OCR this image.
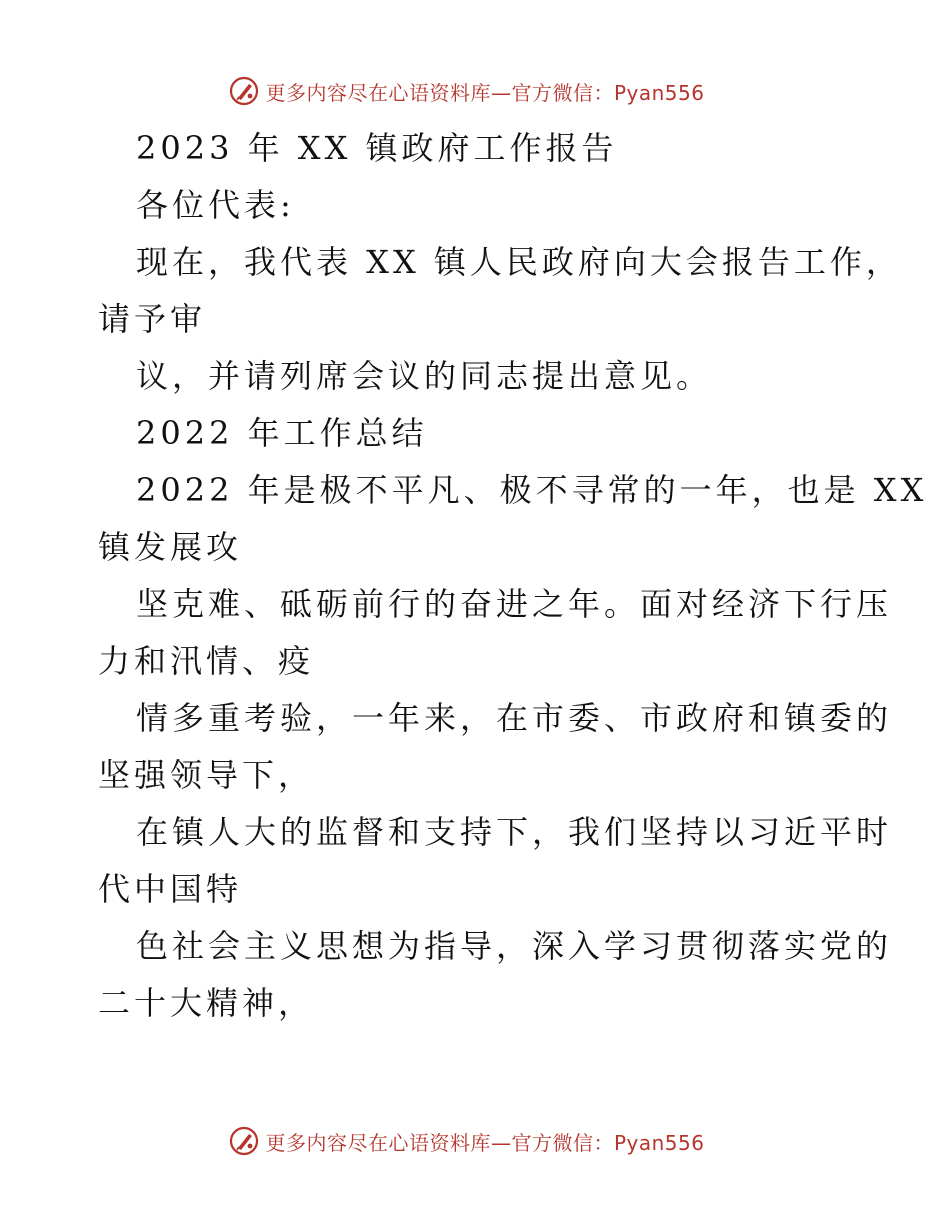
更多内容尽在心语资料库—官方微信：Pyan556
2023 年 XX 镇政府工作报告
各位代表:
现在，我代表 XX 镇人民政府向大会报告工作，
请予审
议，并请列席会议的同志提出意见。
2022 年工作总结
2022 年是极不平凡、极不寻常的一年，也是 XX
镇发展攻
坚克难、砥砺前行的奋进之年。面对经济下行压
力和汛情、疫
情多重考验，一年来，在市委、市政府和镇委的
坚强领导下，
在镇人大的监督和支持下，我们坚持以习近平时
代中国特
色社会主义思想为指导，深入学习贯彻落实党的
二十大精神，
更多内容尽在心语资料库—官方微信：Pyan556
